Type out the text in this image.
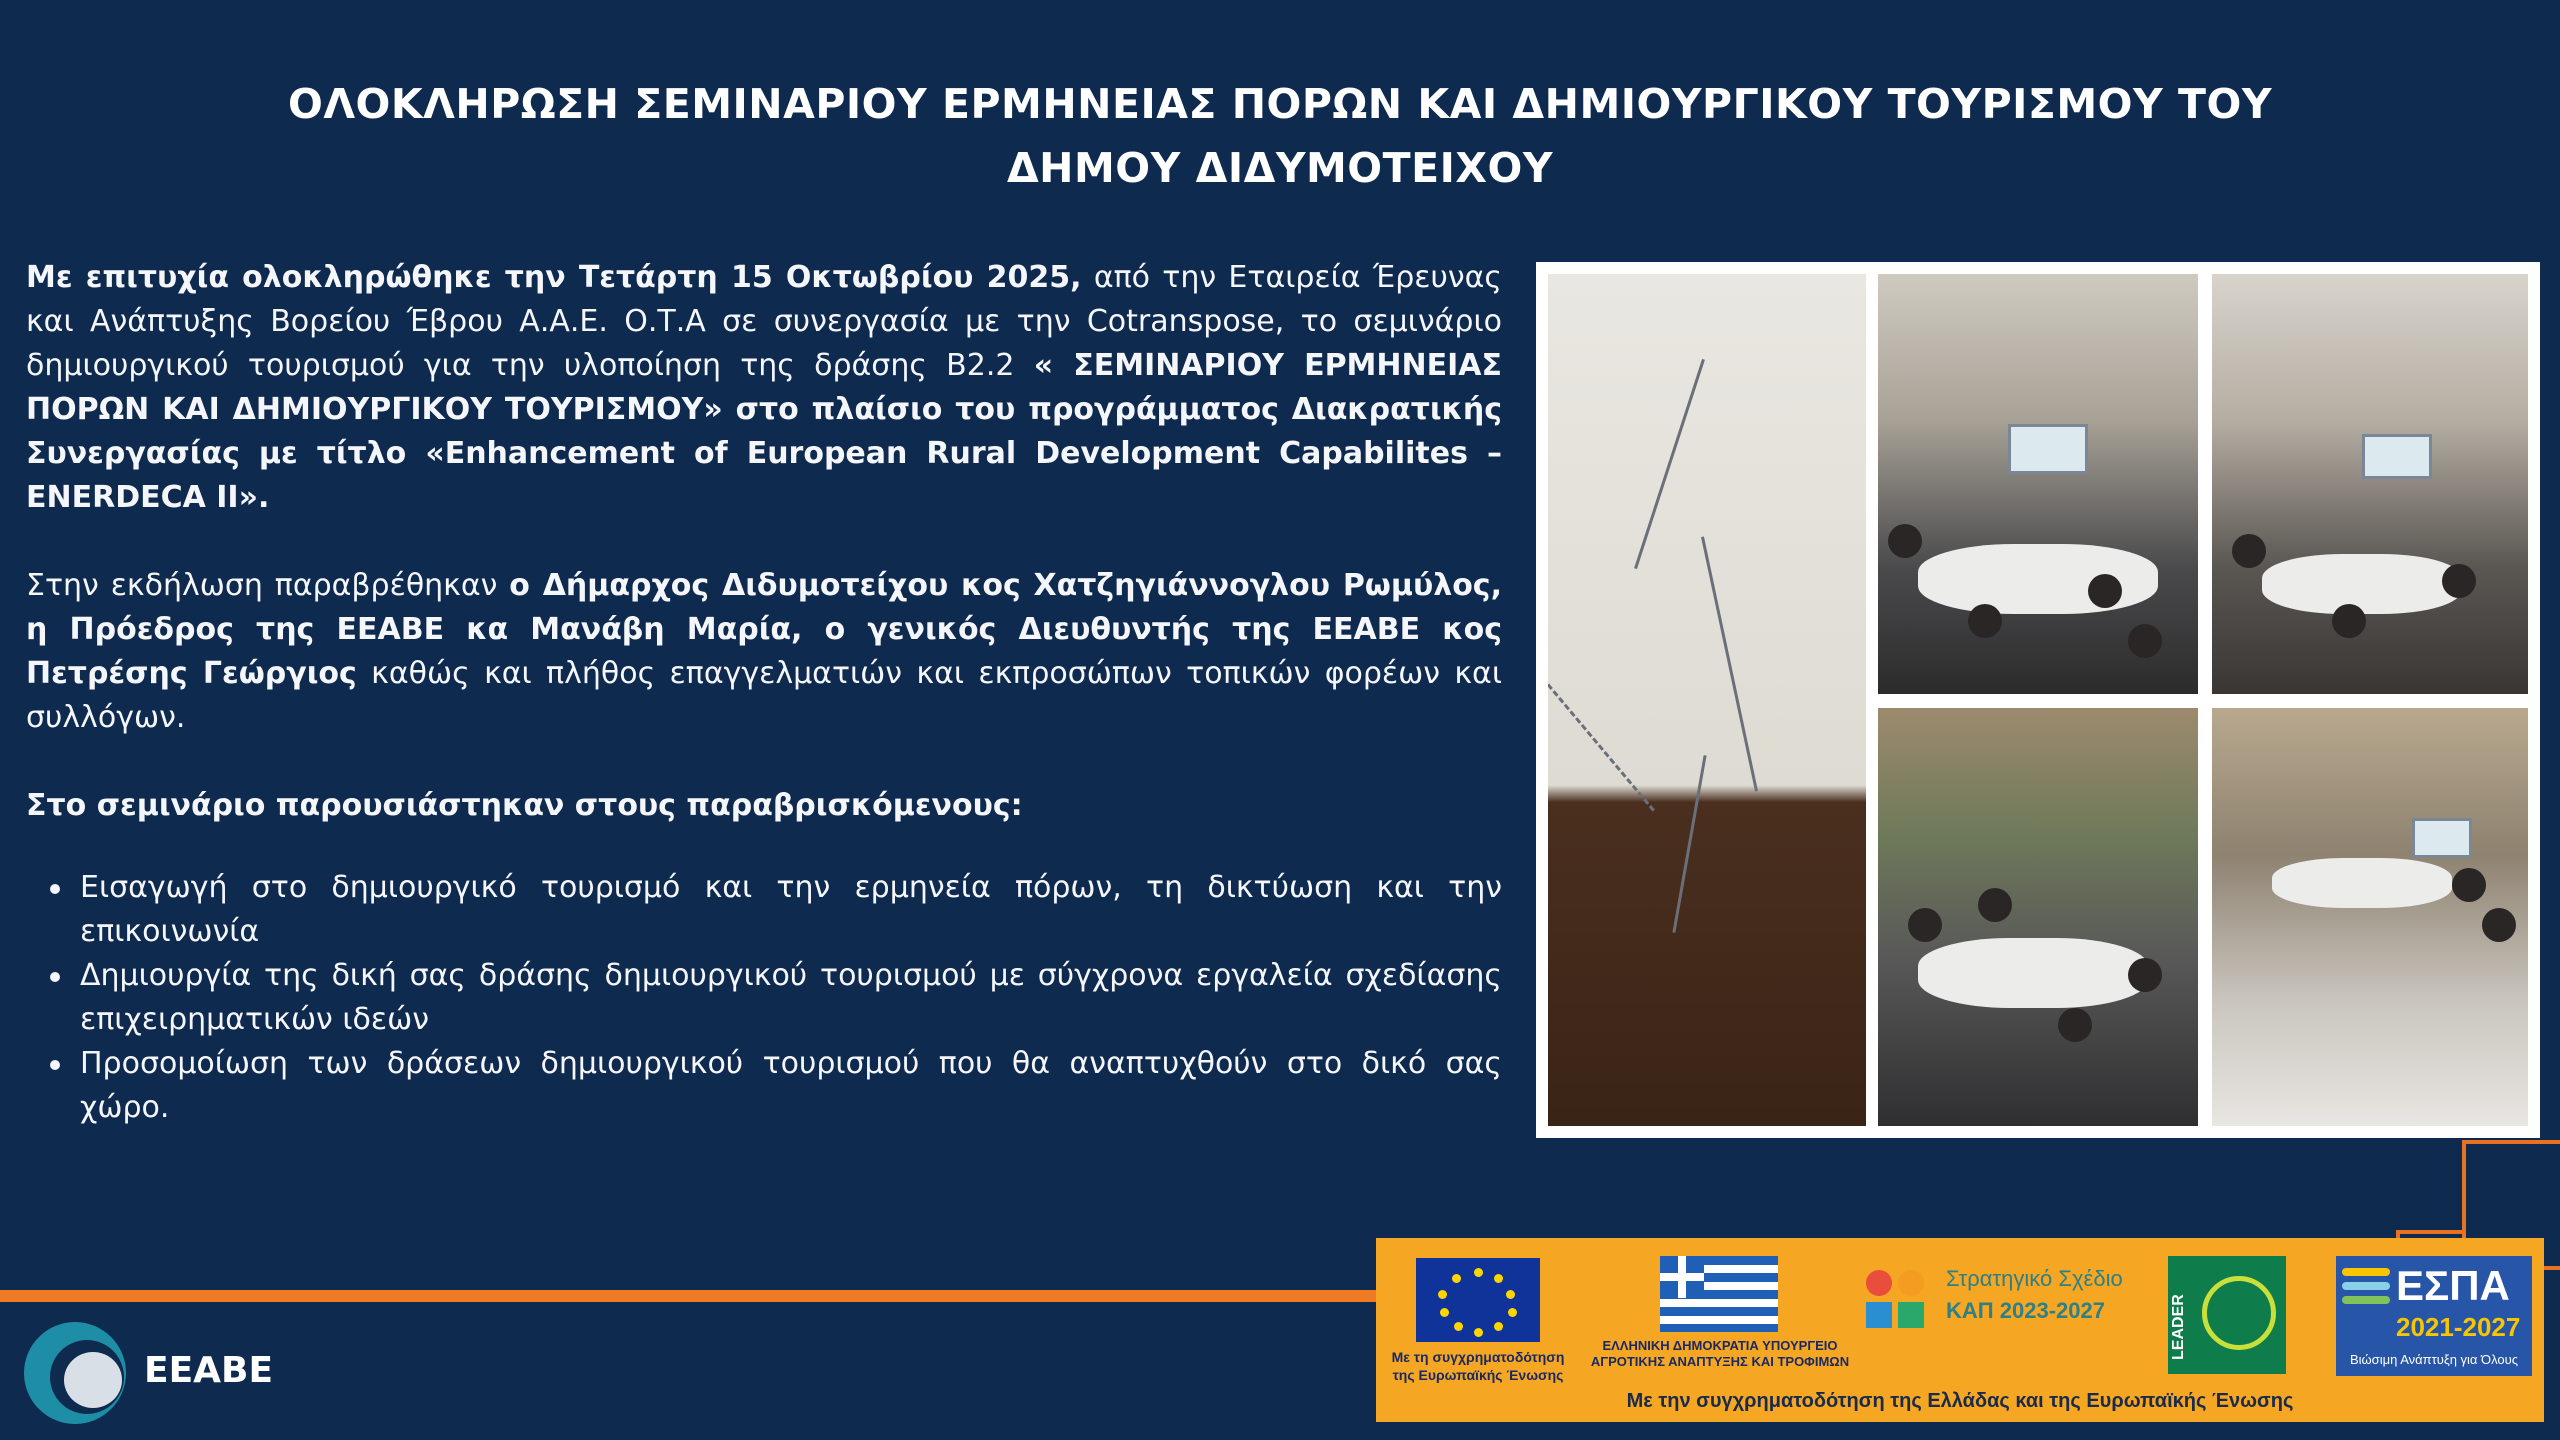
ΟΛΟΚΛΗΡΩΣΗ ΣΕΜΙΝΑΡΙΟΥ ΕΡΜΗΝΕΙΑΣ ΠΟΡΩΝ ΚΑΙ ΔΗΜΙΟΥΡΓΙΚΟΥ ΤΟΥΡΙΣΜΟΥ ΤΟΥ
ΔΗΜΟΥ ΔΙΔΥΜΟΤΕΙΧΟΥ

Με επιτυχία ολοκληρώθηκε την Τετάρτη 15 Οκτωβρίου 2025, από την Εταιρεία Έρευνας και Ανάπτυξης Βορείου Έβρου Α.Α.Ε. Ο.Τ.Α σε συνεργασία με την Cotranspose, το σεμινάριο δημιουργικού τουρισμού για την υλοποίηση της δράσης Β2.2 « ΣΕΜΙΝΑΡΙΟΥ ΕΡΜΗΝΕΙΑΣ ΠΟΡΩΝ ΚΑΙ ΔΗΜΙΟΥΡΓΙΚΟΥ ΤΟΥΡΙΣΜΟΥ» στο πλαίσιο του προγράμματος Διακρατικής Συνεργασίας με τίτλο «Enhancement of European Rural Development Capabilites – ENERDECA II».

Στην εκδήλωση παραβρέθηκαν ο Δήμαρχος Διδυμοτείχου κος Χατζηγιάννογλου Ρωμύλος, η Πρόεδρος της ΕΕΑΒΕ κα Μανάβη Μαρία, ο γενικός Διευθυντής της ΕΕΑΒΕ κος Πετρέσης Γεώργιος καθώς και πλήθος επαγγελματιών και εκπροσώπων τοπικών φορέων και συλλόγων.

Στο σεμινάριο παρουσιάστηκαν στους παραβρισκόμενους:

Εισαγωγή στο δημιουργικό τουρισμό και την ερμηνεία πόρων, τη δικτύωση και την επικοινωνία
Δημιουργία της δική σας δράσης δημιουργικού τουρισμού με σύγχρονα εργαλεία σχεδίασης επιχειρηματικών ιδεών
Προσομοίωση των δράσεων δημιουργικού τουρισμού που θα αναπτυχθούν στο δικό σας χώρο.
Με τη συγχρηματοδότηση της Ευρωπαϊκής Ένωσης
ΕΛΛΗΝΙΚΗ ΔΗΜΟΚΡΑΤΙΑ ΥΠΟΥΡΓΕΙΟ ΑΓΡΟΤΙΚΗΣ ΑΝΑΠΤΥΞΗΣ ΚΑΙ ΤΡΟΦΙΜΩΝ
Στρατηγικό Σχέδιο
ΚΑΠ 2023-2027	LEADER
ΕΣΠΑ
2021-2027
Βιώσιμη Ανάπτυξη για Όλους
Με την συγχρηματοδότηση της Ελλάδας και της Ευρωπαϊκής Ένωσης
ΕΕΑΒΕ
